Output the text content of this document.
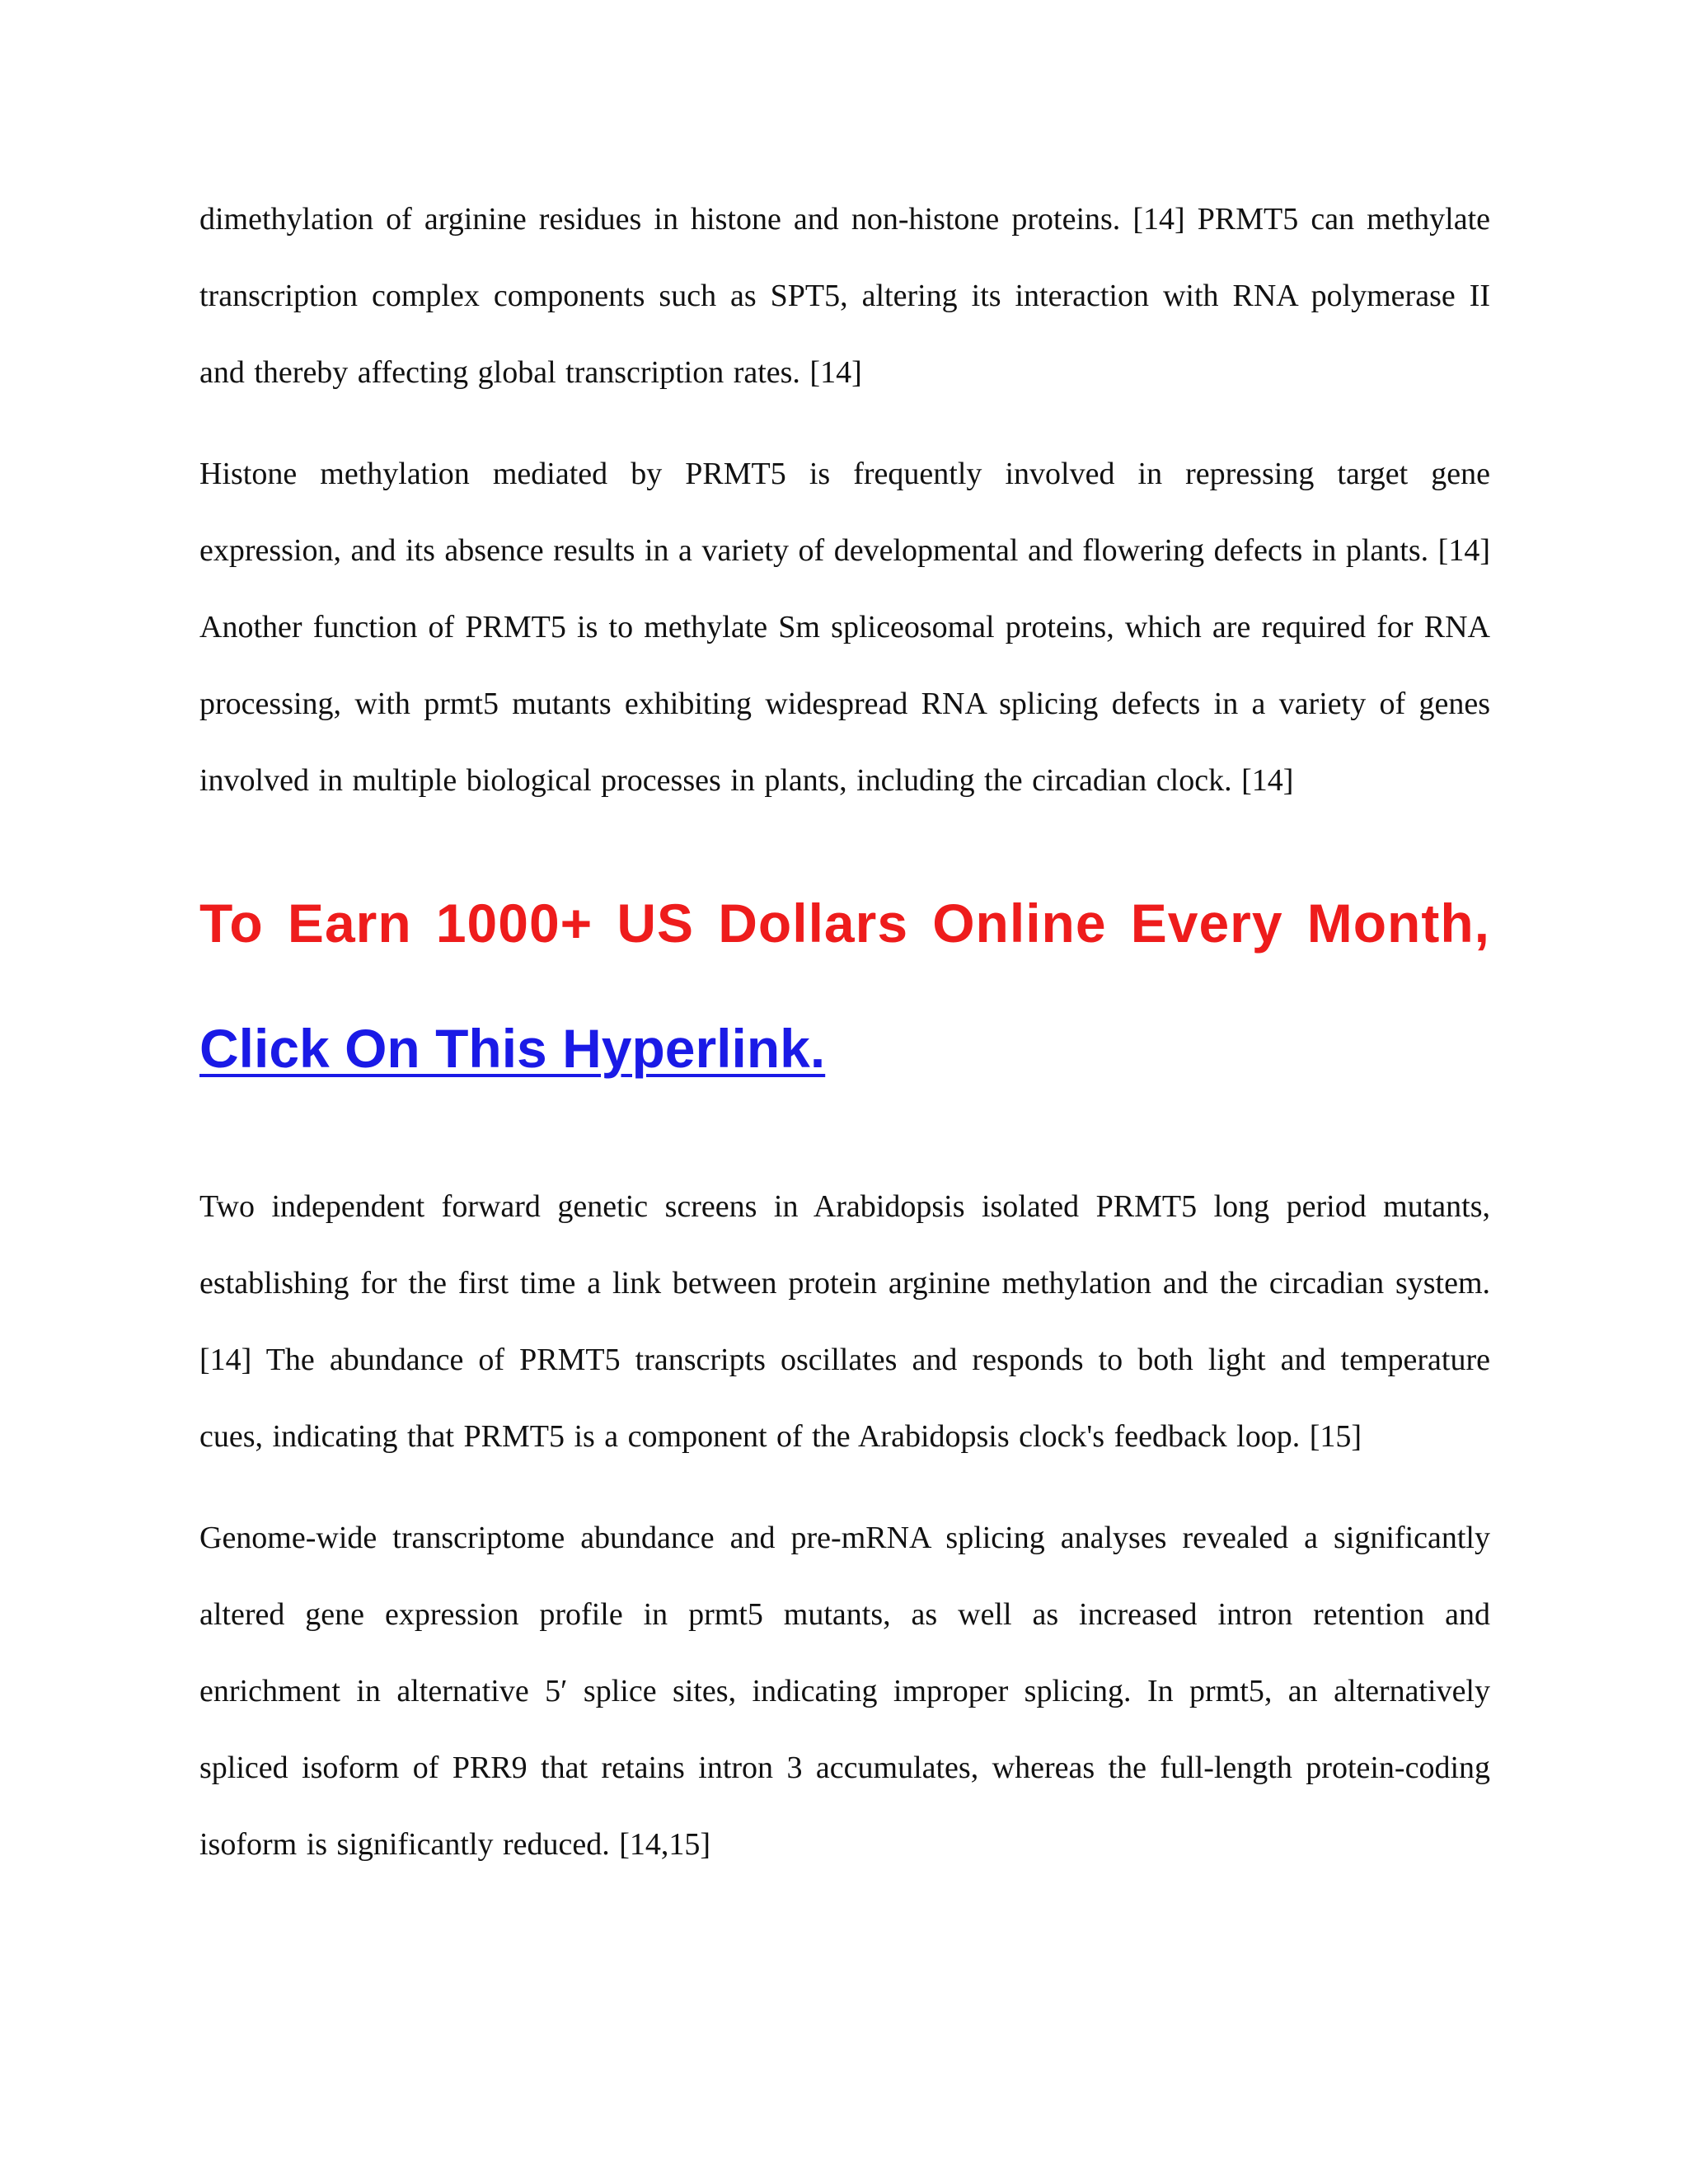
dimethylation of arginine residues in histone and non-histone proteins. [14] PRMT5 can methylate transcription complex components such as SPT5, altering its interaction with RNA polymerase II and thereby affecting global transcription rates. [14]

Histone methylation mediated by PRMT5 is frequently involved in repressing target gene expression, and its absence results in a variety of developmental and flowering defects in plants. [14] Another function of PRMT5 is to methylate Sm spliceosomal proteins, which are required for RNA processing, with prmt5 mutants exhibiting widespread RNA splicing defects in a variety of genes involved in multiple biological processes in plants, including the circadian clock. [14]

To Earn 1000+ US Dollars Online Every Month,

Click On This Hyperlink.

Two independent forward genetic screens in Arabidopsis isolated PRMT5 long period mutants, establishing for the first time a link between protein arginine methylation and the circadian system. [14] The abundance of PRMT5 transcripts oscillates and responds to both light and temperature cues, indicating that PRMT5 is a component of the Arabidopsis clock's feedback loop. [15]

Genome-wide transcriptome abundance and pre-mRNA splicing analyses revealed a significantly altered gene expression profile in prmt5 mutants, as well as increased intron retention and enrichment in alternative 5′ splice sites, indicating improper splicing. In prmt5, an alternatively spliced isoform of PRR9 that retains intron 3 accumulates, whereas the full-length protein-coding isoform is significantly reduced. [14,15]
